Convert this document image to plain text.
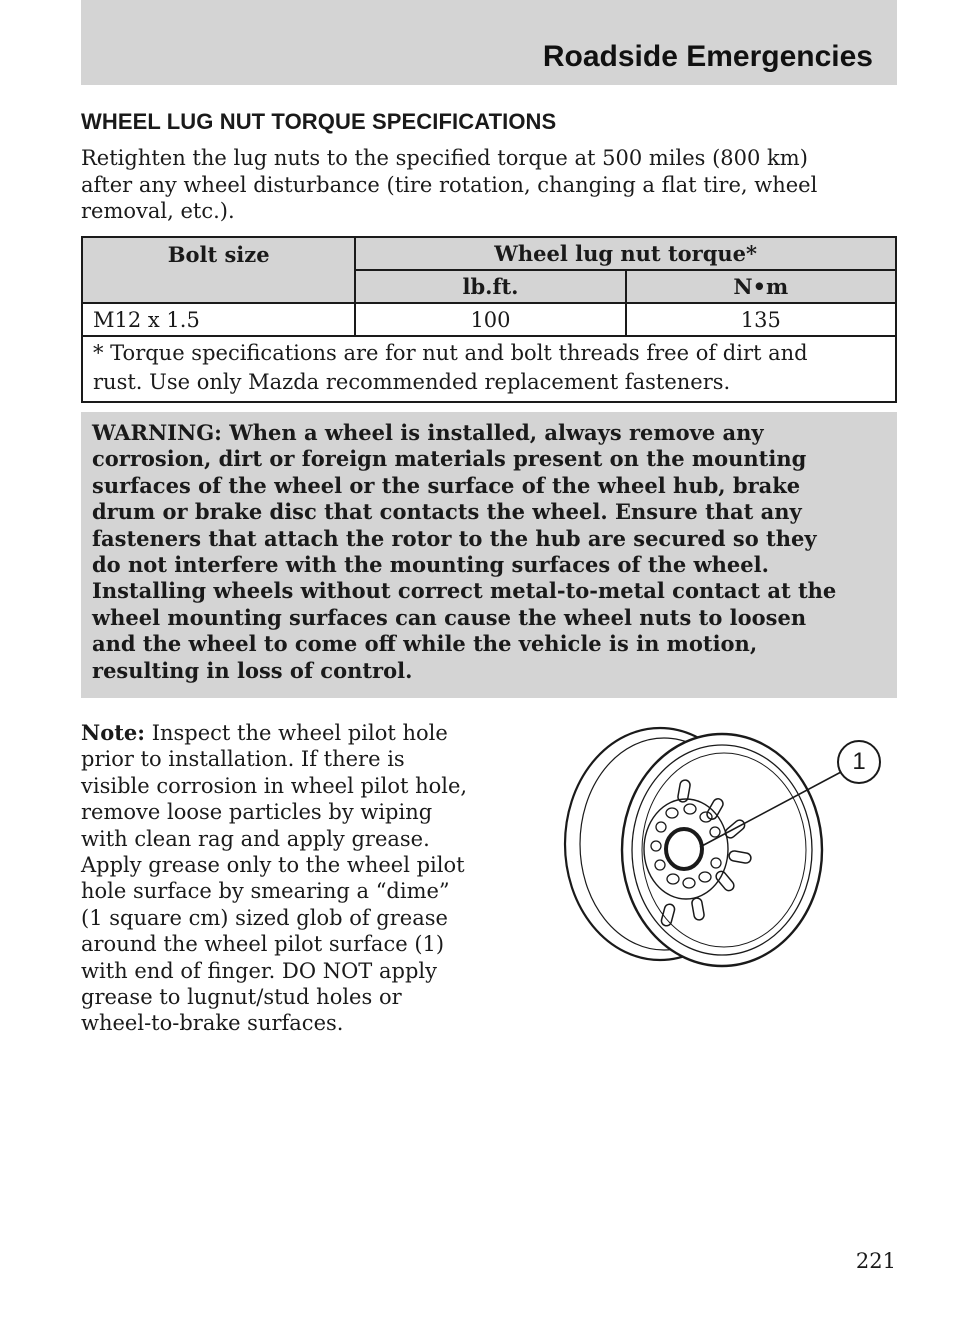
Roadside Emergencies
WHEEL LUG NUT TORQUE SPECIFICATIONS
Retighten the lug nuts to the specified torque at 500 miles (800 km)
after any wheel disturbance (tire rotation, changing a flat tire, wheel
removal, etc.).
Bolt size	Wheel lug nut torque*	
	lb.ft.	N•m
M12 x 1.5	100	135

* Torque specifications are for nut and bolt threads free of dirt and
rust. Use only Mazda recommended replacement fasteners.		
WARNING: When a wheel is installed, always remove any
corrosion, dirt or foreign materials present on the mounting
surfaces of the wheel or the surface of the wheel hub, brake
drum or brake disc that contacts the wheel. Ensure that any
fasteners that attach the rotor to the hub are secured so they
do not interfere with the mounting surfaces of the wheel.
Installing wheels without correct metal-to-metal contact at the
wheel mounting surfaces can cause the wheel nuts to loosen
and the wheel to come off while the vehicle is in motion,
resulting in loss of control.
Note: Inspect the wheel pilot hole
prior to installation. If there is
visible corrosion in wheel pilot hole,
remove loose particles by wiping
with clean rag and apply grease.
Apply grease only to the wheel pilot
hole surface by smearing a “dime”
(1 square cm) sized glob of grease
around the wheel pilot surface (1)
with end of finger. DO NOT apply
grease to lugnut/stud holes or
wheel-to-brake surfaces.
1
221
